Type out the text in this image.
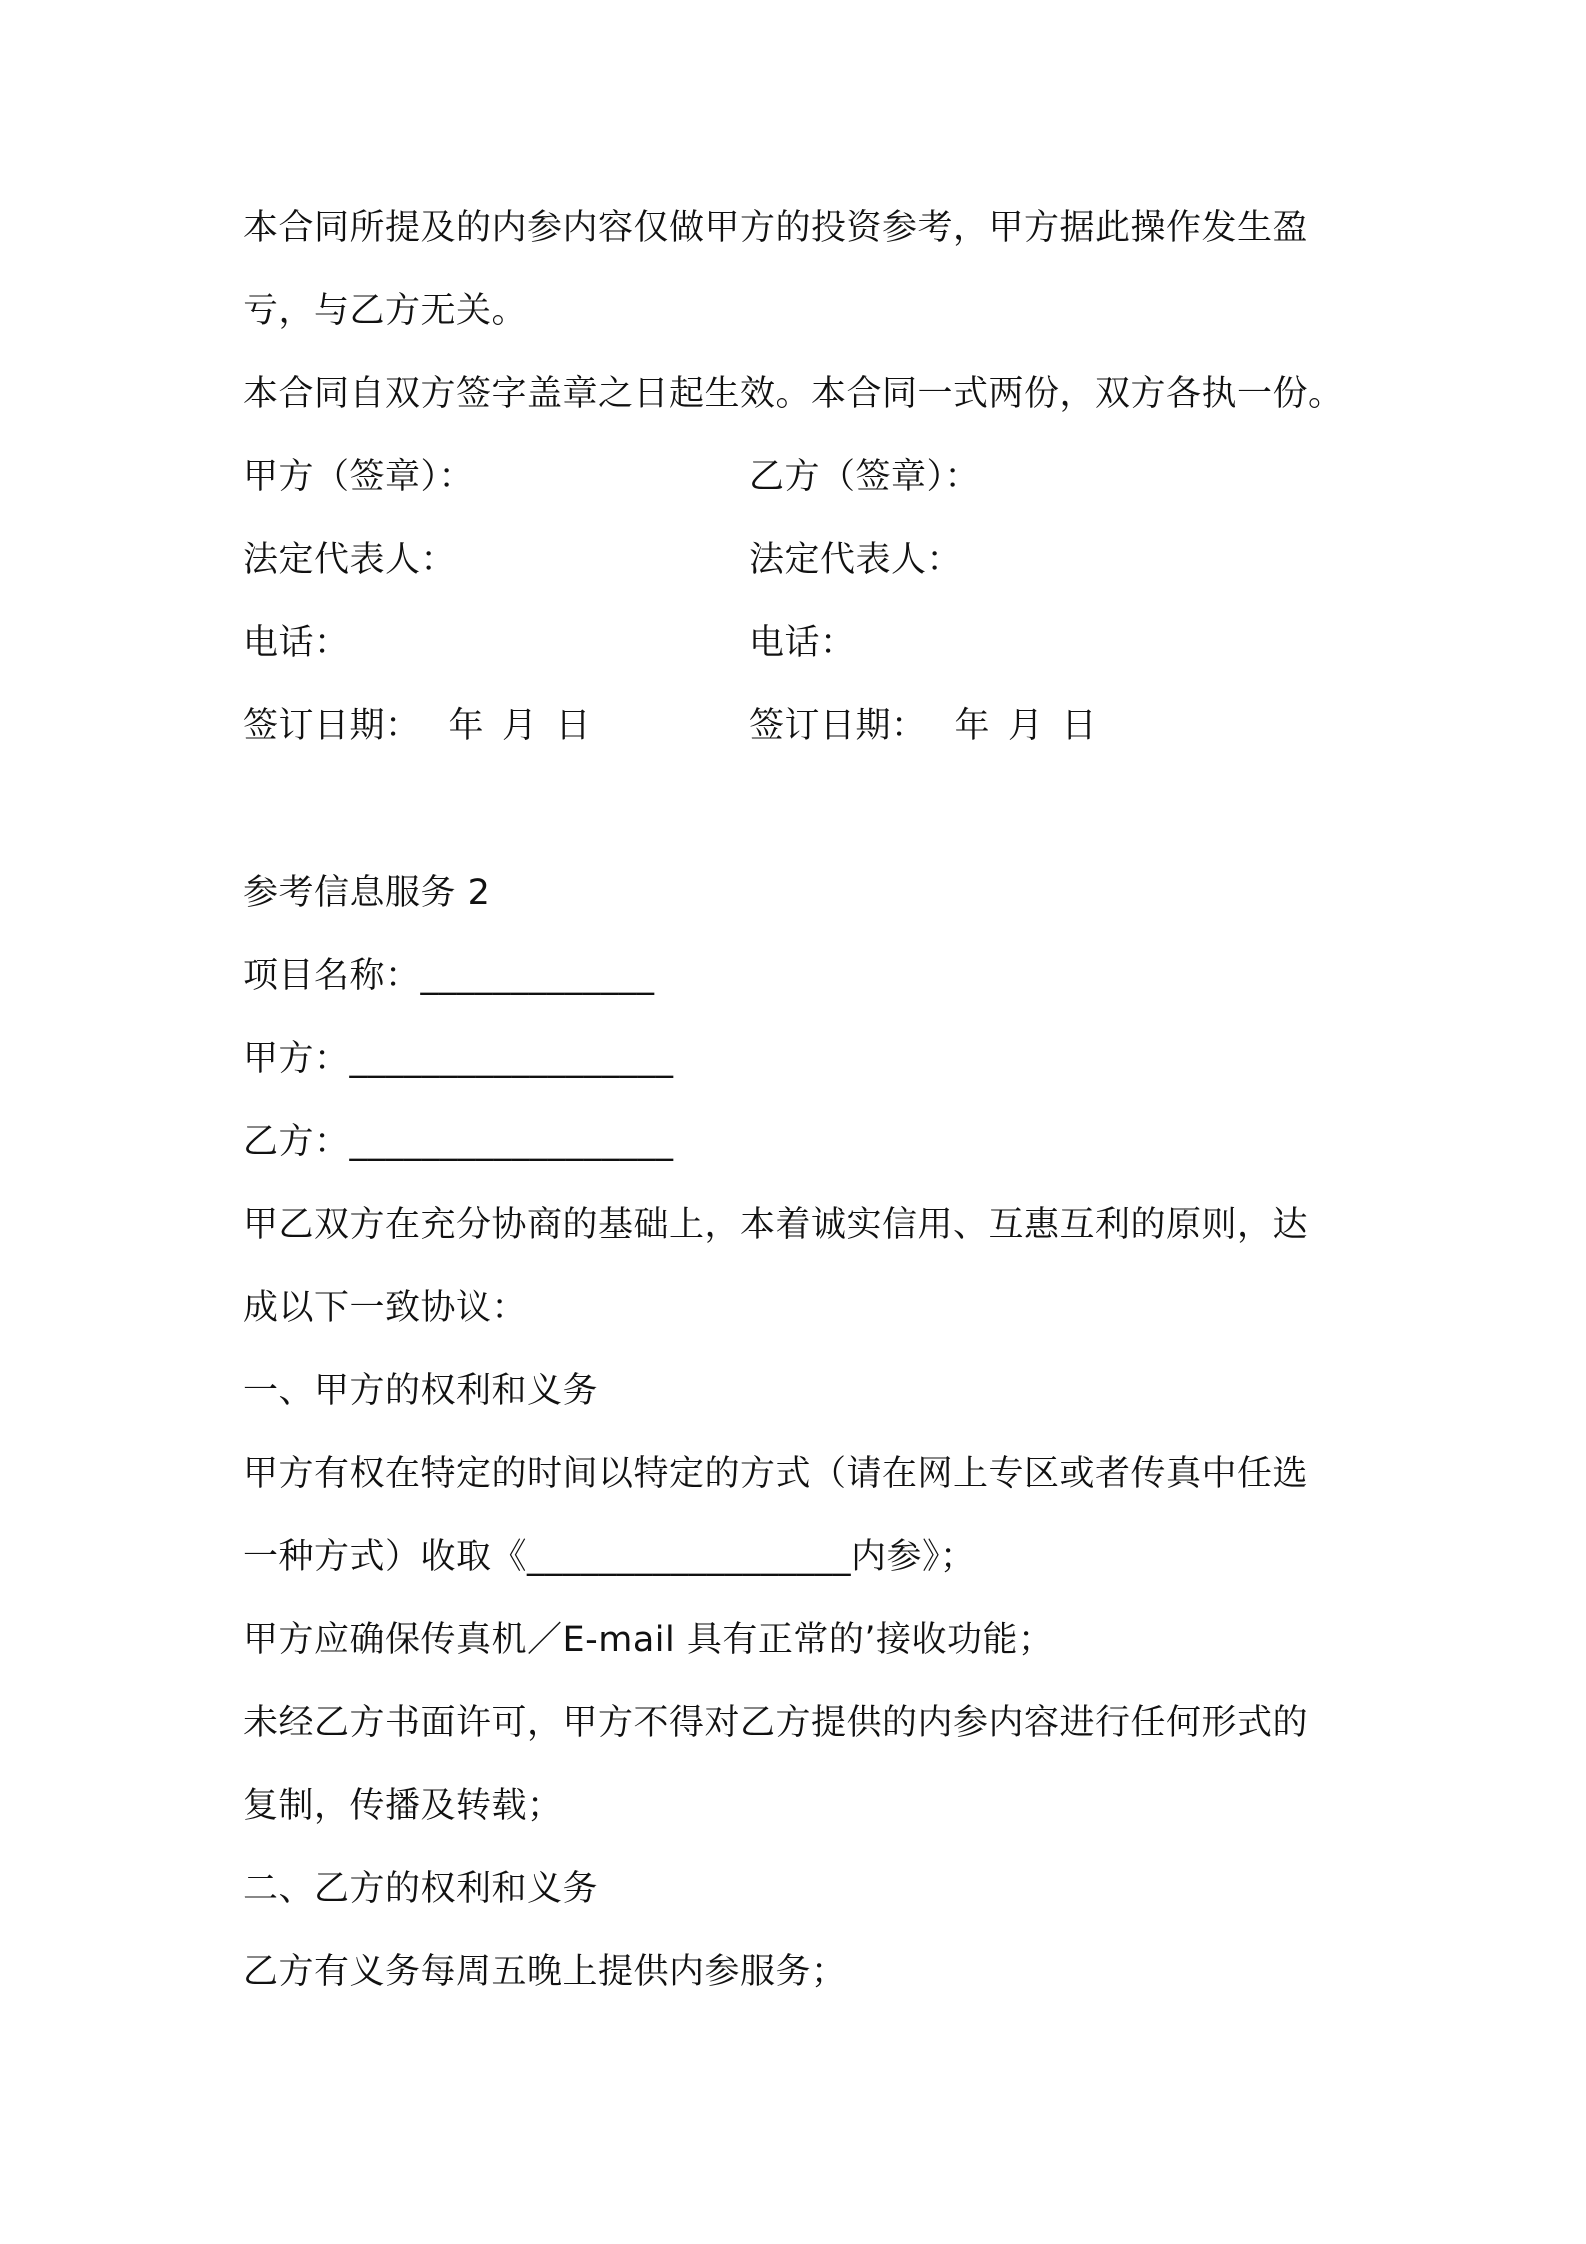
本合同所提及的内参内容仅做甲方的投资参考，甲方据此操作发生盈
亏，与乙方无关。
本合同自双方签字盖章之日起生效。本合同一式两份，双方各执一份。
甲方（签章）：	乙方（签章）：
法定代表人：	法定代表人：
电话：	电话：
签订日期： 年 月 日	签订日期： 年 月 日
参考信息服务 2
项目名称：_____________
甲方：__________________
乙方：__________________
甲乙双方在充分协商的基础上，本着诚实信用、互惠互利的原则，达
成以下一致协议：
一、甲方的权利和义务
甲方有权在特定的时间以特定的方式（请在网上专区或者传真中任选
一种方式）收取《__________________内参》；
甲方应确保传真机／E-mail 具有正常的’接收功能；
未经乙方书面许可，甲方不得对乙方提供的内参内容进行任何形式的
复制，传播及转载；
二、乙方的权利和义务
乙方有义务每周五晚上提供内参服务；
